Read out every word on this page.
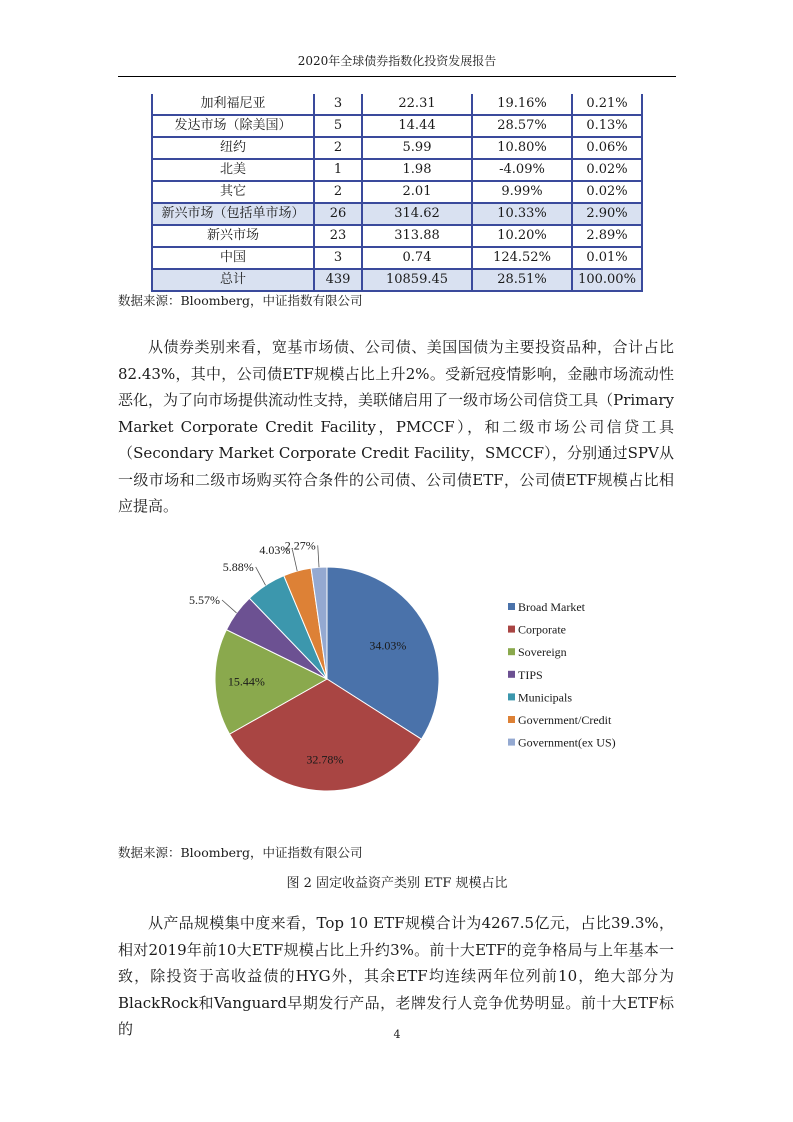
2020年全球债券指数化投资发展报告
加利福尼亚	3	22.31	19.16%	0.21%
发达市场（除美国）	5	14.44	28.57%	0.13%
纽约	2	5.99	10.80%	0.06%
北美	1	1.98	-4.09%	0.02%
其它	2	2.01	9.99%	0.02%
新兴市场（包括单市场）	26	314.62	10.33%	2.90%
新兴市场	23	313.88	10.20%	2.89%
中国	3	0.74	124.52%	0.01%
总计	439	10859.45	28.51%	100.00%
数据来源：Bloomberg，中证指数有限公司

从债券类别来看，宽基市场债、公司债、美国国债为主要投资品种，合计占比82.43%，其中，公司债ETF规模占比上升2%。受新冠疫情影响，金融市场流动性恶化，为了向市场提供流动性支持，美联储启用了一级市场公司信贷工具（Primary Market Corporate Credit Facility，PMCCF），和二级市场公司信贷工具（Secondary Market Corporate Credit Facility，SMCCF），分别通过SPV从一级市场和二级市场购买符合条件的公司债、公司债ETF，公司债ETF规模占比相应提高。

34.03%
32.78%
15.44%
5.57%
5.88%
4.03%
2.27%
Broad Market
Corporate
Sovereign
TIPS
Municipals
Government/Credit
Government(ex US)
数据来源：Bloomberg，中证指数有限公司
图 2 固定收益资产类别 ETF 规模占比

从产品规模集中度来看，Top 10 ETF规模合计为4267.5亿元，占比39.3%，相对2019年前10大ETF规模占比上升约3%。前十大ETF的竞争格局与上年基本一致，除投资于高收益债的HYG外，其余ETF均连续两年位列前10，绝大部分为BlackRock和Vanguard早期发行产品，老牌发行人竞争优势明显。前十大ETF标的	4
